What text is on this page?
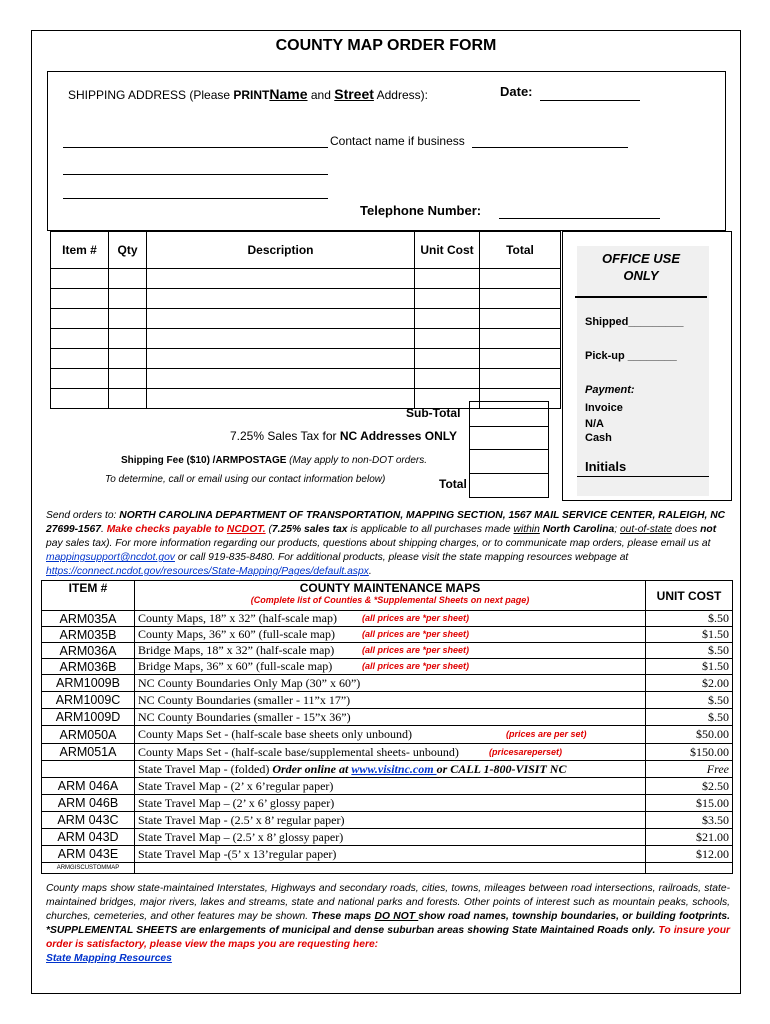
COUNTY MAP ORDER FORM
SHIPPING ADDRESS (Please PRINTName and Street Address):	Date:
Contact name if business
Telephone Number:
Item #	Qty	Description	Unit Cost	Total

Sub-Total
7.25% Sales Tax for NC Addresses ONLY
Shipping Fee ($10) /ARMPOSTAGE (May apply to non-DOT orders.
To determine, call or email using our contact information below)	Total
OFFICE USE ONLY
Shipped_________
Pick-up ________
Payment:
Invoice
N/A
Cash
Initials
Send orders to: NORTH CAROLINA DEPARTMENT OF TRANSPORTATION, MAPPING SECTION, 1567 MAIL SERVICE CENTER, RALEIGH, NC 27699-1567. Make checks payable to NCDOT. (7.25% sales tax is applicable to all purchases made within North Carolina; out-of-state does not pay sales tax). For more information regarding our products, questions about shipping charges, or to communicate map orders, please email us at mappingsupport@ncdot.gov or call 919-835-8480. For additional products, please visit the state mapping resources webpage at https://connect.ncdot.gov/resources/State-Mapping/Pages/default.aspx.
ITEM #	COUNTY MAINTENANCE MAPS
(Complete list of Counties & *Supplemental Sheets on next page)	UNIT COST
ARM035A	County Maps, 18” x 32” (half-scale map) (all prices are *per sheet)	$.50
ARM035B	County Maps, 36” x 60” (full-scale map) (all prices are *per sheet)	$1.50
ARM036A	Bridge Maps, 18” x 32” (half-scale map) (all prices are *per sheet)	$.50
ARM036B	Bridge Maps, 36” x 60” (full-scale map) (all prices are *per sheet)	$1.50
ARM1009B	NC County Boundaries Only Map (30” x 60”)	$2.00
ARM1009C	NC County Boundaries (smaller - 11”x 17”)	$.50
ARM1009D	NC County Boundaries (smaller - 15”x 36”)	$.50
ARM050A	County Maps Set - (half-scale base sheets only unbound) (prices are per set)	$50.00
ARM051A	County Maps Set - (half-scale base/supplemental sheets- unbound) (pricesareperset)	$150.00
	State Travel Map - (folded) Order online at www.visitnc.com or CALL 1-800-VISIT NC	Free
ARM 046A	State Travel Map - (2’ x 6’regular paper)	$2.50
ARM 046B	State Travel Map – (2’ x 6’ glossy paper)	$15.00
ARM 043C	State Travel Map - (2.5’ x 8’ regular paper)	$3.50
ARM 043D	State Travel Map – (2.5’ x 8’ glossy paper)	$21.00
ARM 043E	State Travel Map -(5’ x 13’regular paper)	$12.00
ARMGISCUSTOMMAP		
County maps show state-maintained Interstates, Highways and secondary roads, cities, towns, mileages between road intersections, railroads, state-maintained bridges, major rivers, lakes and streams, state and national parks and forests. Other points of interest such as mountain peaks, schools, churches, cemeteries, and other features may be shown. These maps DO NOT show road names, township boundaries, or building footprints. *SUPPLEMENTAL SHEETS are enlargements of municipal and dense suburban areas showing State Maintained Roads only. To insure your order is satisfactory, please view the maps you are requesting here:
State Mapping Resources
